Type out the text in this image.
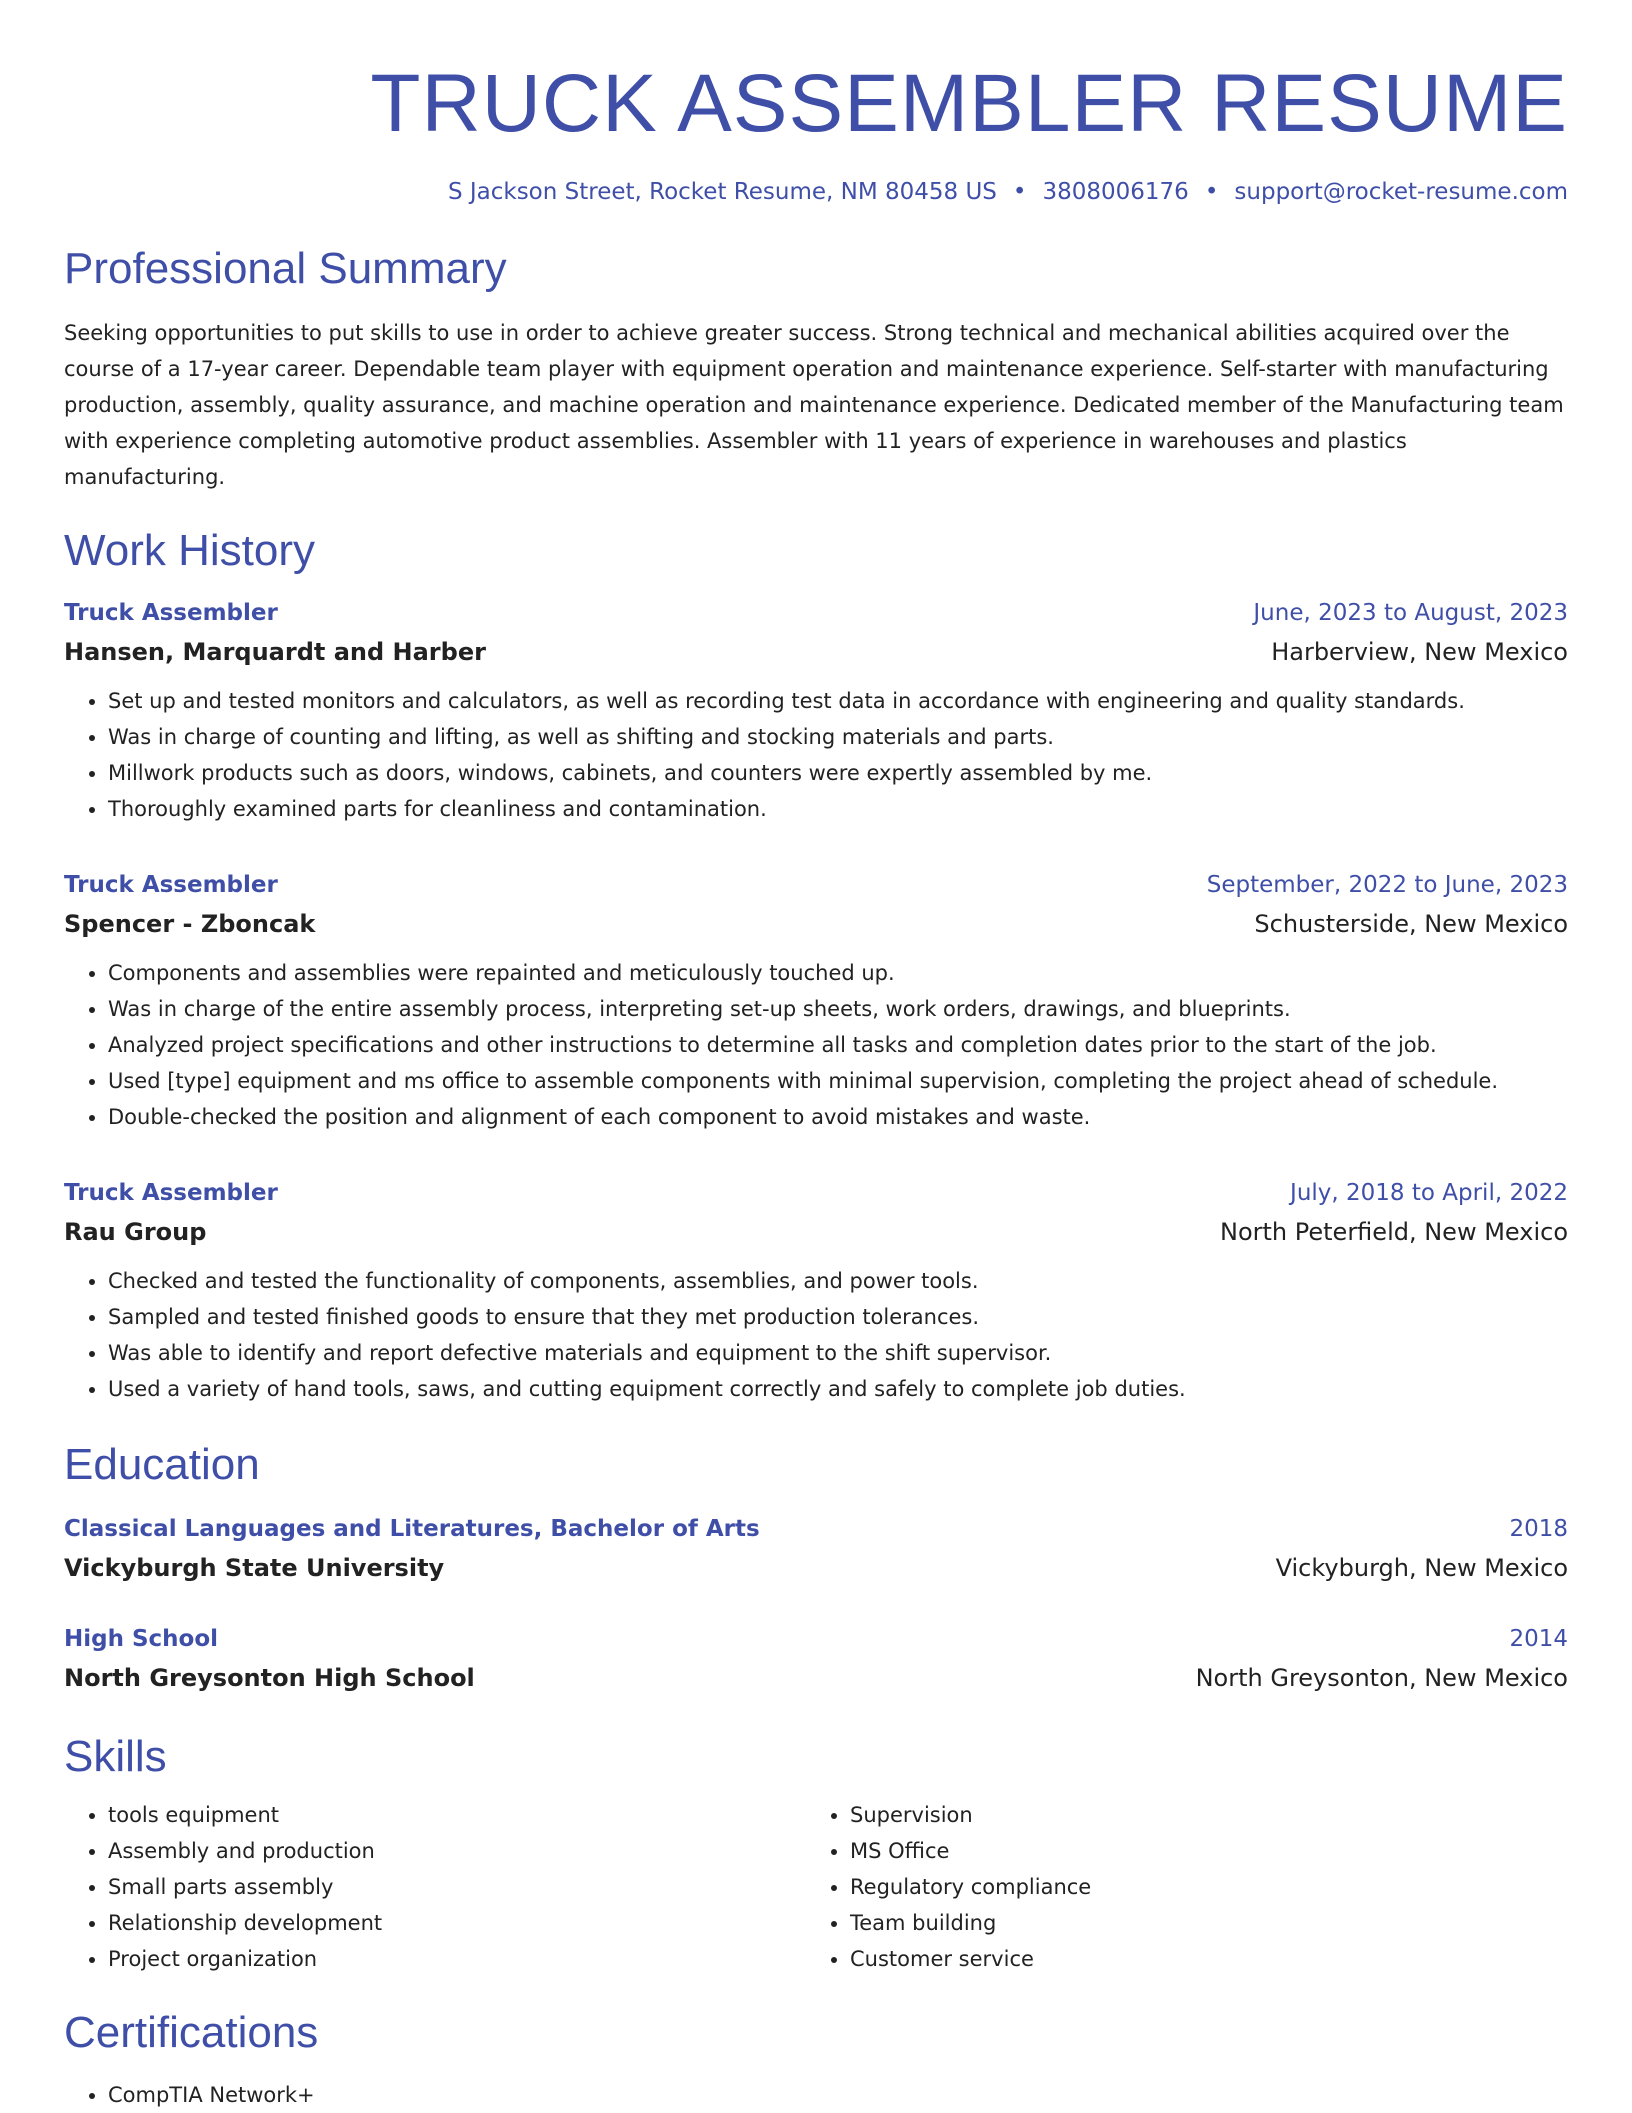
TRUCK ASSEMBLER RESUME
S Jackson Street, Rocket Resume, NM 80458 US • 3808006176 • support@rocket-resume.com
Professional Summary
Seeking opportunities to put skills to use in order to achieve greater success. Strong technical and mechanical abilities acquired over the course of a 17-year career. Dependable team player with equipment operation and maintenance experience. Self-starter with manufacturing production, assembly, quality assurance, and machine operation and maintenance experience. Dedicated member of the Manufacturing team with experience completing automotive product assemblies. Assembler with 11 years of experience in warehouses and plastics manufacturing.
Work History
Truck Assembler	June, 2023 to August, 2023
Hansen, Marquardt and Harber	Harberview, New Mexico
• Set up and tested monitors and calculators, as well as recording test data in accordance with engineering and quality standards.
• Was in charge of counting and lifting, as well as shifting and stocking materials and parts.
• Millwork products such as doors, windows, cabinets, and counters were expertly assembled by me.
• Thoroughly examined parts for cleanliness and contamination.
Truck Assembler	September, 2022 to June, 2023
Spencer - Zboncak	Schusterside, New Mexico
• Components and assemblies were repainted and meticulously touched up.
• Was in charge of the entire assembly process, interpreting set-up sheets, work orders, drawings, and blueprints.
• Analyzed project specifications and other instructions to determine all tasks and completion dates prior to the start of the job.
• Used [type] equipment and ms office to assemble components with minimal supervision, completing the project ahead of schedule.
• Double-checked the position and alignment of each component to avoid mistakes and waste.
Truck Assembler	July, 2018 to April, 2022
Rau Group	North Peterfield, New Mexico
• Checked and tested the functionality of components, assemblies, and power tools.
• Sampled and tested finished goods to ensure that they met production tolerances.
• Was able to identify and report defective materials and equipment to the shift supervisor.
• Used a variety of hand tools, saws, and cutting equipment correctly and safely to complete job duties.
Education
Classical Languages and Literatures, Bachelor of Arts	2018
Vickyburgh State University	Vickyburgh, New Mexico
High School	2014
North Greysonton High School	North Greysonton, New Mexico
Skills
• tools equipment
• Assembly and production
• Small parts assembly
• Relationship development
• Project organization
• Supervision
• MS Office
• Regulatory compliance
• Team building
• Customer service
Certifications
• CompTIA Network+
